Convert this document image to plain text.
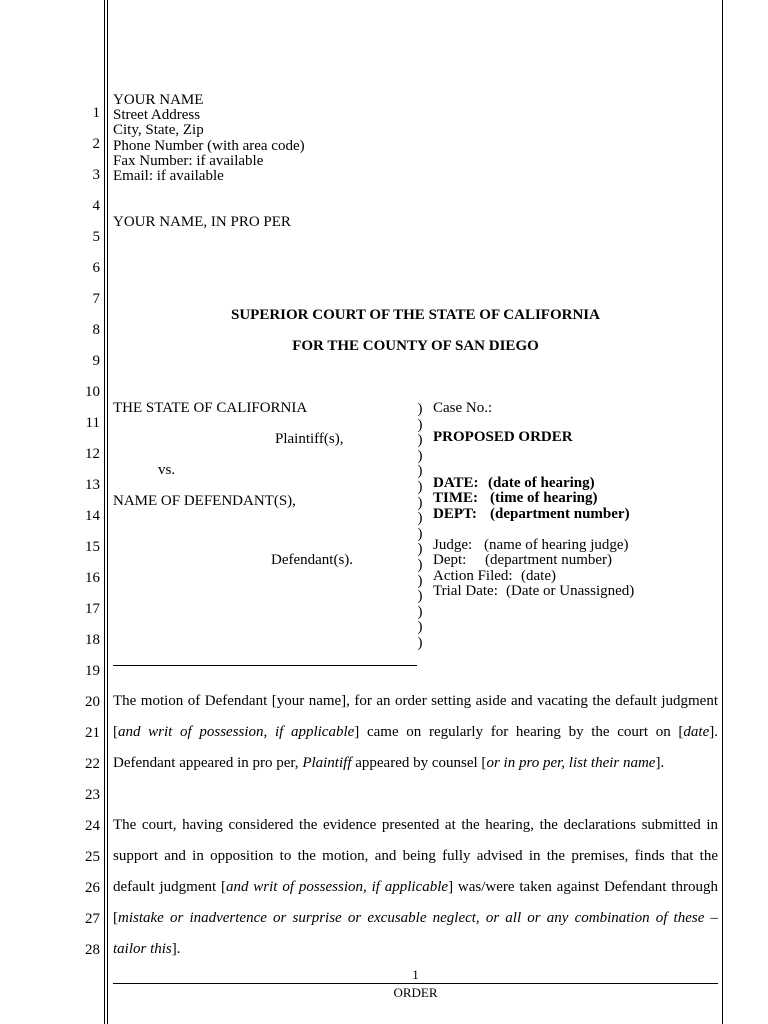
1
2
3
4
5
6
7
8
9
10
11
12
13
14
15
16
17
18
19
20
21
22
23
24
25
26
27
28
YOUR NAME
Street Address
City, State, Zip
Phone Number (with area code)
Fax Number: if available
Email: if available
YOUR NAME, IN PRO PER
SUPERIOR COURT OF THE STATE OF CALIFORNIA
FOR THE COUNTY OF SAN DIEGO
THE STATE OF CALIFORNIA
Plaintiff(s),
vs.
NAME OF DEFENDANT(S),
Defendant(s).
)
)
)
)
)
)
)
)
)
)
)
)
)
)
)
)
Case No.:
PROPOSED ORDER
DATE: (date of hearing)
TIME: (time of hearing)
DEPT: (department number)
Judge: (name of hearing judge)
Dept: (department number)
Action Filed: (date)
Trial Date: (Date or Unassigned)
The motion of Defendant [your name], for an order setting aside and vacating the default judgment
[and writ of possession, if applicable] came on regularly for hearing by the court on [date].
Defendant appeared in pro per, Plaintiff appeared by counsel [or in pro per, list their name].
The court, having considered the evidence presented at the hearing, the declarations submitted in
support and in opposition to the motion, and being fully advised in the premises, finds that the
default judgment [and writ of possession, if applicable] was/were taken against Defendant through
[mistake or inadvertence or surprise or excusable neglect, or all or any combination of these –
tailor this].
1
ORDER
